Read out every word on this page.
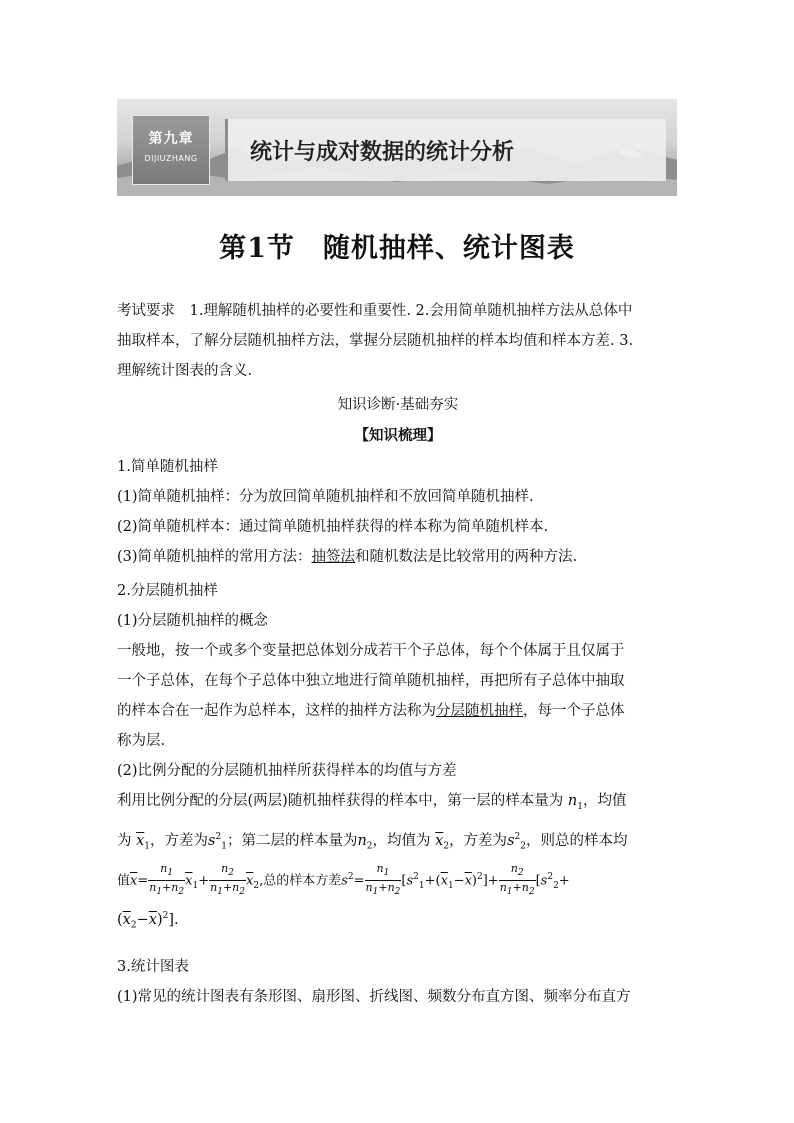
第九章
DIJIUZHANG	统计与成对数据的统计分析
第1节　随机抽样、统计图表
考试要求　1.理解随机抽样的必要性和重要性. 2.会用简单随机抽样方法从总体中
抽取样本，了解分层随机抽样方法，掌握分层随机抽样的样本均值和样本方差. 3.
理解统计图表的含义.
知识诊断·基础夯实
【知识梳理】
1.简单随机抽样
(1)简单随机抽样：分为放回简单随机抽样和不放回简单随机抽样.
(2)简单随机样本：通过简单随机抽样获得的样本称为简单随机样本.
(3)简单随机抽样的常用方法：抽签法和随机数法是比较常用的两种方法.
2.分层随机抽样
(1)分层随机抽样的概念
一般地，按一个或多个变量把总体划分成若干个子总体，每个个体属于且仅属于
一个子总体，在每个子总体中独立地进行简单随机抽样，再把所有子总体中抽取
的样本合在一起作为总样本，这样的抽样方法称为分层随机抽样，每一个子总体
称为层.
(2)比例分配的分层随机抽样所获得样本的均值与方差
利用比例分配的分层(两层)随机抽样获得的样本中，第一层的样本量为 $n_1$，均值
为 $\overline{x}_1$，方差为$s^2_1$；第二层的样本量为$n_2$，均值为 $\overline{x}_2$，方差为$s^2_2$，则总的样本均
值$\overline{x}= \frac{n_1}{n_1+n_2} \overline{x}_1+ \frac{n_2}{n_1+n_2} \overline{x}_2$,总的样本方差$s^2= \frac{n_1}{n_1+n_2} [s^2_1+(\overline{x}_1-\overline{x})^2]+ \frac{n_2}{n_1+n_2} [s^2_2+$
$(\overline{x}_2-\overline{x})^2$].
3.统计图表
(1)常见的统计图表有条形图、扇形图、折线图、频数分布直方图、频率分布直方
